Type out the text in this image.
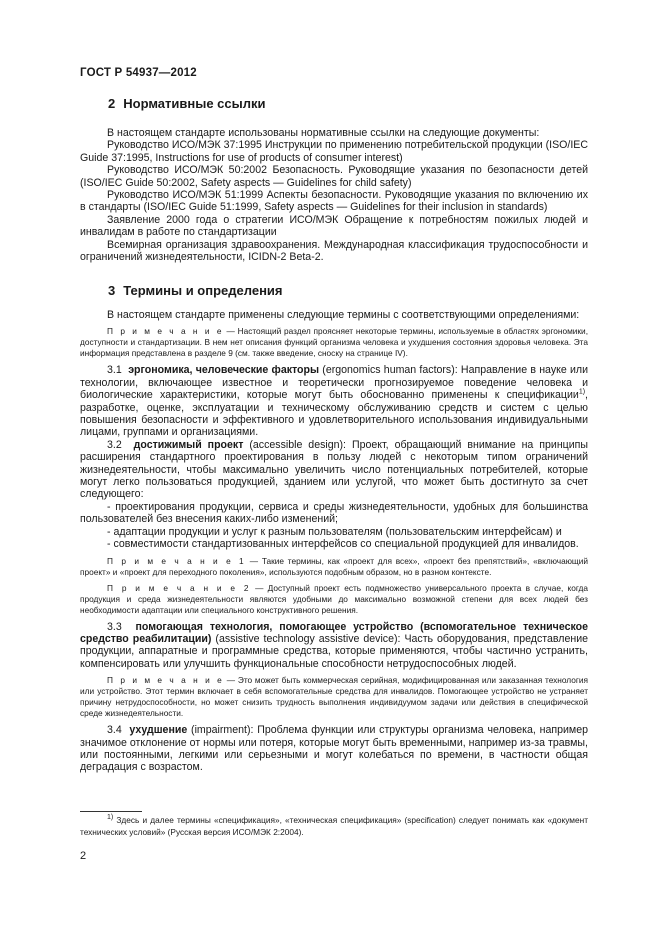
ГОСТ Р 54937—2012
2 Нормативные ссылки

В настоящем стандарте использованы нормативные ссылки на следующие документы:

Руководство ИСО/МЭК 37:1995 Инструкции по применению потребительской продукции (ISO/IEC Guide 37:1995, Instructions for use of products of consumer interest)

Руководство ИСО/МЭК 50:2002 Безопасность. Руководящие указания по безопасности детей (ISO/IEC Guide 50:2002, Safety aspects — Guidelines for child safety)

Руководство ИСО/МЭК 51:1999 Аспекты безопасности. Руководящие указания по включению их в стандарты (ISO/IEC Guide 51:1999, Safety aspects — Guidelines for their inclusion in standards)

Заявление 2000 года о стратегии ИСО/МЭК Обращение к потребностям пожилых людей и инвалидам в работе по стандартизации

Всемирная организация здравоохранения. Международная классификация трудоспособности и ограничений жизнедеятельности, ICIDN-2 Beta-2.

3 Термины и определения

В настоящем стандарте применены следующие термины с соответствующими определениями:

П р и м е ч а н и е — Настоящий раздел проясняет некоторые термины, используемые в областях эргономики, доступности и стандартизации. В нем нет описания функций организма человека и ухудшения состояния здоровья человека. Эта информация представлена в разделе 9 (см. также введение, сноску на странице IV).

3.1 эргономика, человеческие факторы (ergonomics human factors): Направление в науке или технологии, включающее известное и теоретически прогнозируемое поведение человека и биологические характеристики, которые могут быть обоснованно применены к спецификации$^{1)}$, разработке, оценке, эксплуатации и техническому обслуживанию средств и систем с целью повышения безопасности и эффективного и удовлетворительного использования индивидуальными лицами, группами и организациями.

3.2 достижимый проект (accessible design): Проект, обращающий внимание на принципы расширения стандартного проектирования в пользу людей с некоторым типом ограничений жизнедеятельности, чтобы максимально увеличить число потенциальных потребителей, которые могут легко пользоваться продукцией, зданием или услугой, что может быть достигнуто за счет следующего:

- проектирования продукции, сервиса и среды жизнедеятельности, удобных для большинства пользователей без внесения каких-либо изменений;

- адаптации продукции и услуг к разным пользователям (пользовательским интерфейсам) и

- совместимости стандартизованных интерфейсов со специальной продукцией для инвалидов.

П р и м е ч а н и е 1 — Такие термины, как «проект для всех», «проект без препятствий», «включающий проект» и «проект для переходного поколения», используются подобным образом, но в разном контексте.

П р и м е ч а н и е 2 — Доступный проект есть подмножество универсального проекта в случае, когда продукция и среда жизнедеятельности являются удобными до максимально возможной степени для всех людей без необходимости адаптации или специального конструктивного решения.

3.3 помогающая технология, помогающее устройство (вспомогательное техническое средство реабилитации) (assistive technology assistive device): Часть оборудования, представление продукции, аппаратные и программные средства, которые применяются, чтобы частично устранить, компенсировать или улучшить функциональные способности нетрудоспособных людей.

П р и м е ч а н и е — Это может быть коммерческая серийная, модифицированная или заказанная технология или устройство. Этот термин включает в себя вспомогательные средства для инвалидов. Помогающее устройство не устраняет причину нетрудоспособности, но может снизить трудность выполнения индивидуумом задачи или действия в специфической среде жизнедеятельности.

3.4 ухудшение (impairment): Проблема функции или структуры организма человека, например значимое отклонение от нормы или потеря, которые могут быть временными, например из-за травмы, или постоянными, легкими или серьезными и могут колебаться по времени, в частности общая деградация с возрастом.

$^{1)}$ Здесь и далее термины «спецификация», «техническая спецификация» (specification) следует понимать как «документ технических условий» (Русская версия ИСО/МЭК 2:2004).

2
